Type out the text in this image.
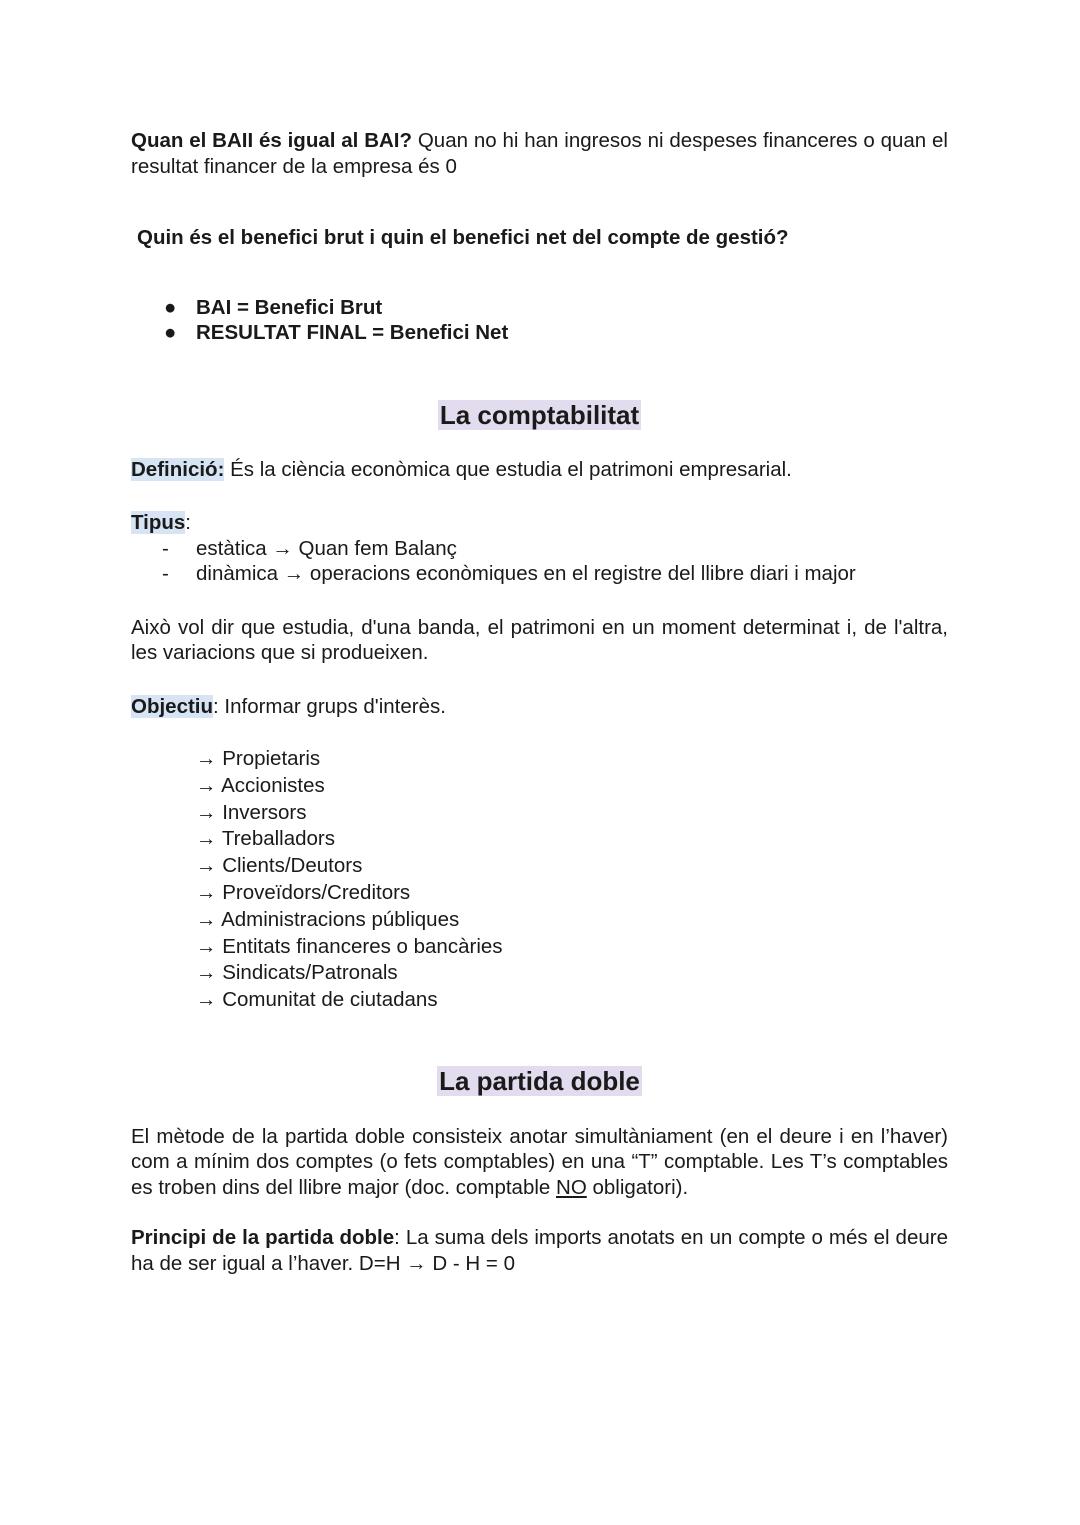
Quan el BAII és igual al BAI? Quan no hi han ingresos ni despeses financeres o quan el resultat financer de la empresa és 0

Quin és el benefici brut i quin el benefici net del compte de gestió?

● BAI = Benefici Brut
● RESULTAT FINAL = Benefici Net
La comptabilitat

Definició: És la ciència econòmica que estudia el patrimoni empresarial.

Tipus:

- estàtica → Quan fem Balanç
- dinàmica → operacions econòmiques en el registre del llibre diari i major

Això vol dir que estudia, d'una banda, el patrimoni en un moment determinat i, de l'altra, les variacions que si produeixen.

Objectiu: Informar grups d'interès.

→ Propietaris
→ Accionistes
→ Inversors
→ Treballadors
→ Clients/Deutors
→ Proveïdors/Creditors
→ Administracions públiques
→ Entitats financeres o bancàries
→ Sindicats/Patronals
→ Comunitat de ciutadans
La partida doble

El mètode de la partida doble consisteix anotar simultàniament (en el deure i en l’haver) com a mínim dos comptes (o fets comptables) en una “T” comptable. Les T’s comptables es troben dins del llibre major (doc. comptable NO obligatori).

Principi de la partida doble: La suma dels imports anotats en un compte o més el deure ha de ser igual a l’haver. D=H → D - H = 0
